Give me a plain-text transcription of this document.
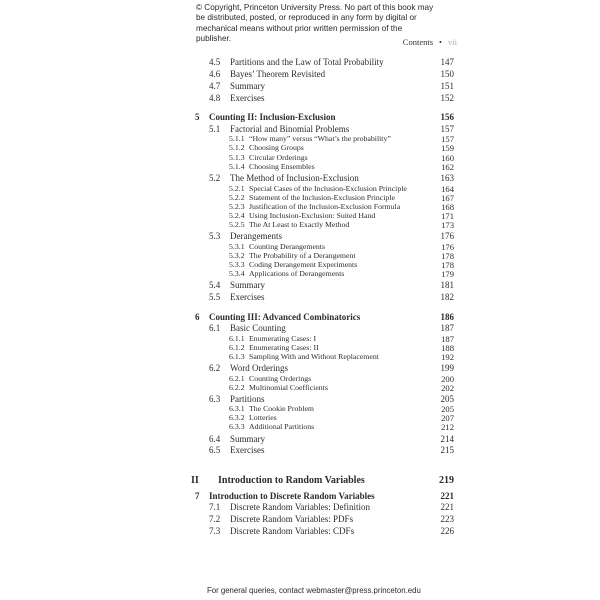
© Copyright, Princeton University Press. No part of this book may be distributed, posted, or reproduced in any form by digital or mechanical means without prior written permission of the publisher.	Contents • vii
4.5 Partitions and the Law of Total Probability	147
4.6 Bayes’ Theorem Revisited	150
4.7 Summary	151
4.8 Exercises	152
5 Counting II: Inclusion-Exclusion	156
5.1 Factorial and Binomial Problems	157
5.1.1 “How many” versus “What’s the probability”	157
5.1.2 Choosing Groups	159
5.1.3 Circular Orderings	160
5.1.4 Choosing Ensembles	162
5.2 The Method of Inclusion-Exclusion	163
5.2.1 Special Cases of the Inclusion-Exclusion Principle	164
5.2.2 Statement of the Inclusion-Exclusion Principle	167
5.2.3 Justification of the Inclusion-Exclusion Formula	168
5.2.4 Using Inclusion-Exclusion: Suited Hand	171
5.2.5 The At Least to Exactly Method	173
5.3 Derangements	176
5.3.1 Counting Derangements	176
5.3.2 The Probability of a Derangement	178
5.3.3 Coding Derangement Experiments	178
5.3.4 Applications of Derangements	179
5.4 Summary	181
5.5 Exercises	182
6 Counting III: Advanced Combinatorics	186
6.1 Basic Counting	187
6.1.1 Enumerating Cases: I	187
6.1.2 Enumerating Cases: II	188
6.1.3 Sampling With and Without Replacement	192
6.2 Word Orderings	199
6.2.1 Counting Orderings	200
6.2.2 Multinomial Coefficients	202
6.3 Partitions	205
6.3.1 The Cookie Problem	205
6.3.2 Lotteries	207
6.3.3 Additional Partitions	212
6.4 Summary	214
6.5 Exercises	215
II Introduction to Random Variables	219
7 Introduction to Discrete Random Variables	221
7.1 Discrete Random Variables: Definition	221
7.2 Discrete Random Variables: PDFs	223
7.3 Discrete Random Variables: CDFs	226
For general queries, contact webmaster@press.princeton.edu
